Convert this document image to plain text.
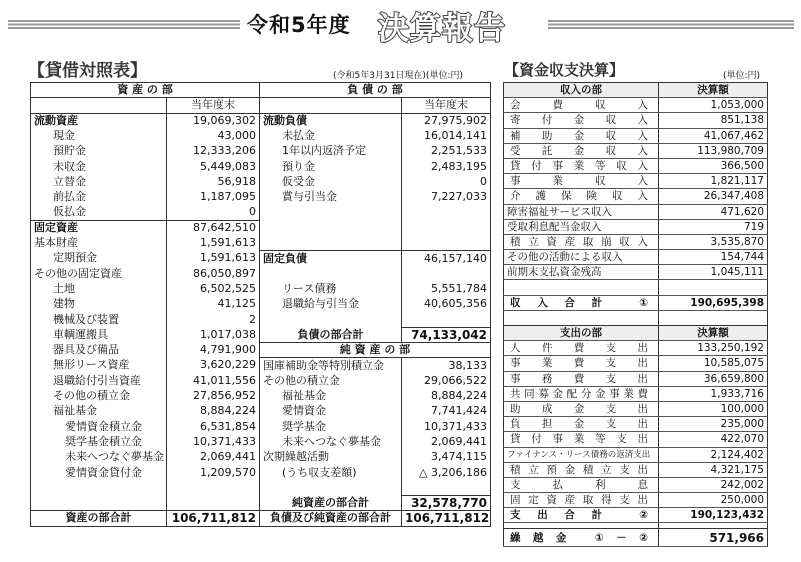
令和5年度 決算報告
【貸借対照表】	(令和5年3月31日現在)(単位:円)	【資金収支決算】	(単位:円)
資 産 の 部		負 債 の 部	
	当年度末		当年度末
流動資産	19,069,302	流動負債	27,975,902
現金	43,000	未払金	16,014,141
預貯金	12,333,206	1年以内返済予定	2,251,533
未収金	5,449,083	預り金	2,483,195
立替金	56,918	仮受金	0
前払金	1,187,095	賞与引当金	7,227,033
仮払金	0		
固定資産	87,642,510		
基本財産	1,591,613		
定期預金	1,591,613	固定負債	46,157,140
その他の固定資産	86,050,897		
土地	6,502,525	リース債務	5,551,784
建物	41,125	退職給与引当金	40,605,356
機械及び装置	2		
車輌運搬具	1,017,038	負債の部合計	74,133,042
器具及び備品	4,791,900	純 資 産 の 部	
無形リース資産	3,620,229	国庫補助金等特別積立金	38,133
退職給付引当資産	41,011,556	その他の積立金	29,066,522
その他の積立金	27,856,952	福祉基金	8,884,224
福祉基金	8,884,224	愛情資金	7,741,424
愛情資金積立金	6,531,854	奨学基金	10,371,433
奨学基金積立金	10,371,433	未来へつなぐ夢基金	2,069,441
未来へつなぐ夢基金	2,069,441	次期繰越活動	3,474,115
愛情資金貸付金	1,209,570	(うち収支差額)	△ 3,206,186

		純資産の部合計	32,578,770
資産の部合計	106,711,812	負債及び純資産の部合計	106,711,812
収入の部	決算額
会費収入	1,053,000
寄付金収入	851,138
補助金収入	41,067,462
受託金収入	113,980,709
貸付事業等収入	366,500
事業収入	1,821,117
介護保険収入	26,347,408
障害福祉サービス収入	471,620
受取利息配当金収入	719
積立資産取崩収入	3,535,870
その他の活動による収入	154,744
前期末支払資金残高	1,045,111

収入合計 ①	190,695,398

支出の部	決算額
人件費支出	133,250,192
事業費支出	10,585,075
事務費支出	36,659,800
共同募金配分金事業費	1,933,716
助成金支出	100,000
負担金支出	235,000
貸付事業等支出	422,070
ファイナンス・リース債務の返済支出	2,124,402
積立預金積立支出	4,321,175
支払利息	242,002
固定資産取得支出	250,000
支出合計 ②	190,123,432

繰越金 ①－②	571,966
